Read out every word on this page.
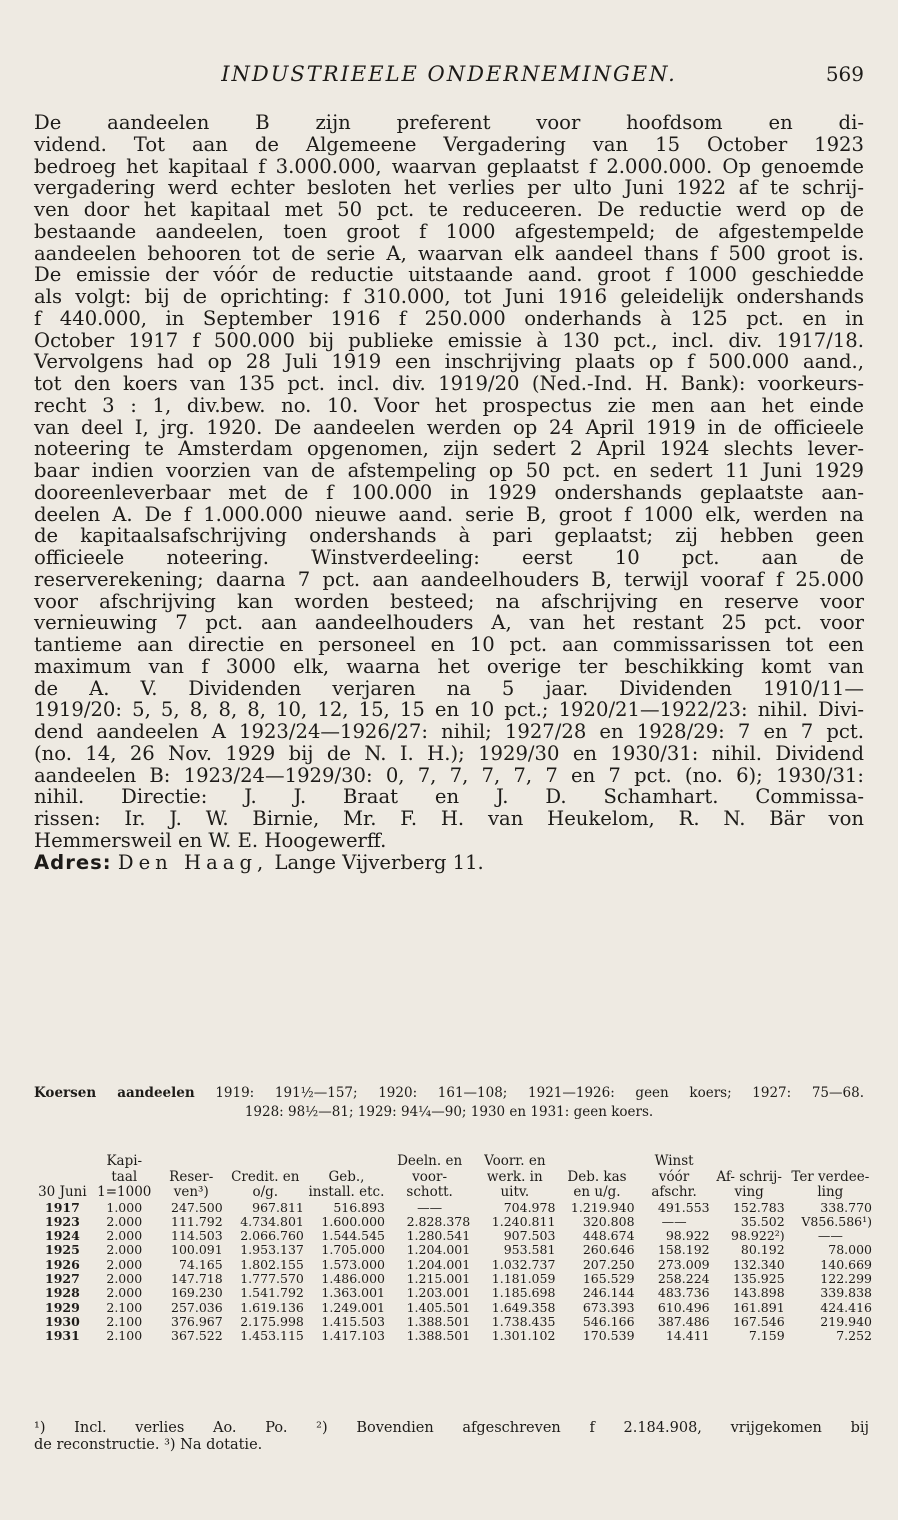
INDUSTRIEELE ONDERNEMINGEN.	569
De aandeelen B zijn preferent voor hoofdsom en di-
vidend. Tot aan de Algemeene Vergadering van 15 October 1923
bedroeg het kapitaal f 3.000.000, waarvan geplaatst f 2.000.000. Op genoemde
vergadering werd echter besloten het verlies per ulto Juni 1922 af te schrij-
ven door het kapitaal met 50 pct. te reduceeren. De reductie werd op de
bestaande aandeelen, toen groot f 1000 afgestempeld; de afgestempelde
aandeelen behooren tot de serie A, waarvan elk aandeel thans f 500 groot is.
De emissie der vóór de reductie uitstaande aand. groot f 1000 geschiedde
als volgt: bij de oprichting: f 310.000, tot Juni 1916 geleidelijk ondershands
f 440.000, in September 1916 f 250.000 onderhands à 125 pct. en in
October 1917 f 500.000 bij publieke emissie à 130 pct., incl. div. 1917/18.
Vervolgens had op 28 Juli 1919 een inschrijving plaats op f 500.000 aand.,
tot den koers van 135 pct. incl. div. 1919/20 (Ned.-Ind. H. Bank): voorkeurs-
recht 3 : 1, div.bew. no. 10. Voor het prospectus zie men aan het einde
van deel I, jrg. 1920. De aandeelen werden op 24 April 1919 in de officieele
noteering te Amsterdam opgenomen, zijn sedert 2 April 1924 slechts lever-
baar indien voorzien van de afstempeling op 50 pct. en sedert 11 Juni 1929
dooreenleverbaar met de f 100.000 in 1929 ondershands geplaatste aan-
deelen A. De f 1.000.000 nieuwe aand. serie B, groot f 1000 elk, werden na
de kapitaalsafschrijving ondershands à pari geplaatst; zij hebben geen
officieele noteering. Winstverdeeling: eerst 10 pct. aan de
reserverekening; daarna 7 pct. aan aandeelhouders B, terwijl vooraf f 25.000
voor afschrijving kan worden besteed; na afschrijving en reserve voor
vernieuwing 7 pct. aan aandeelhouders A, van het restant 25 pct. voor
tantieme aan directie en personeel en 10 pct. aan commissarissen tot een
maximum van f 3000 elk, waarna het overige ter beschikking komt van
de A. V. Dividenden verjaren na 5 jaar. Dividenden 1910/11—
1919/20: 5, 5, 8, 8, 8, 10, 12, 15, 15 en 10 pct.; 1920/21—1922/23: nihil. Divi-
dend aandeelen A 1923/24—1926/27: nihil; 1927/28 en 1928/29: 7 en 7 pct.
(no. 14, 26 Nov. 1929 bij de N. I. H.); 1929/30 en 1930/31: nihil. Dividend
aandeelen B: 1923/24—1929/30: 0, 7, 7, 7, 7, 7 en 7 pct. (no. 6); 1930/31:
nihil. Directie: J. J. Braat en J. D. Schamhart. Commissa-
rissen: Ir. J. W. Birnie, Mr. F. H. van Heukelom, R. N. Bär von
Hemmersweil en W. E. Hoogewerff.
Adres: Den Haag, Lange Vijverberg 11.
Koersen aandeelen 1919: 191½—157; 1920: 161—108; 1921—1926: geen koers; 1927: 75—68.
1928: 98½—81; 1929: 94¼—90; 1930 en 1931: geen koers.
30 Juni	Kapi- taal 1=1000	Reser- ven³)	Credit. en o/g.	Geb., install. etc.	Deeln. en voor- schott.	Voorr. en werk. in uitv.	Deb. kas en u/g.	Winst vóór afschr.	Af- schrij- ving	Ter verdee- ling
1917	1.000	247.500	967.811	516.893	——	704.978	1.219.940	491.553	152.783	338.770
1923	2.000	111.792	4.734.801	1.600.000	2.828.378	1.240.811	320.808	——	35.502	V856.586¹)
1924	2.000	114.503	2.066.760	1.544.545	1.280.541	907.503	448.674	98.922	98.922²)	——
1925	2.000	100.091	1.953.137	1.705.000	1.204.001	953.581	260.646	158.192	80.192	78.000
1926	2.000	74.165	1.802.155	1.573.000	1.204.001	1.032.737	207.250	273.009	132.340	140.669
1927	2.000	147.718	1.777.570	1.486.000	1.215.001	1.181.059	165.529	258.224	135.925	122.299
1928	2.000	169.230	1.541.792	1.363.001	1.203.001	1.185.698	246.144	483.736	143.898	339.838
1929	2.100	257.036	1.619.136	1.249.001	1.405.501	1.649.358	673.393	610.496	161.891	424.416
1930	2.100	376.967	2.175.998	1.415.503	1.388.501	1.738.435	546.166	387.486	167.546	219.940
1931	2.100	367.522	1.453.115	1.417.103	1.388.501	1.301.102	170.539	14.411	7.159	7.252
¹) Incl. verlies Ao. Po. ²) Bovendien afgeschreven f 2.184.908, vrijgekomen bij
de reconstructie. ³) Na dotatie.
